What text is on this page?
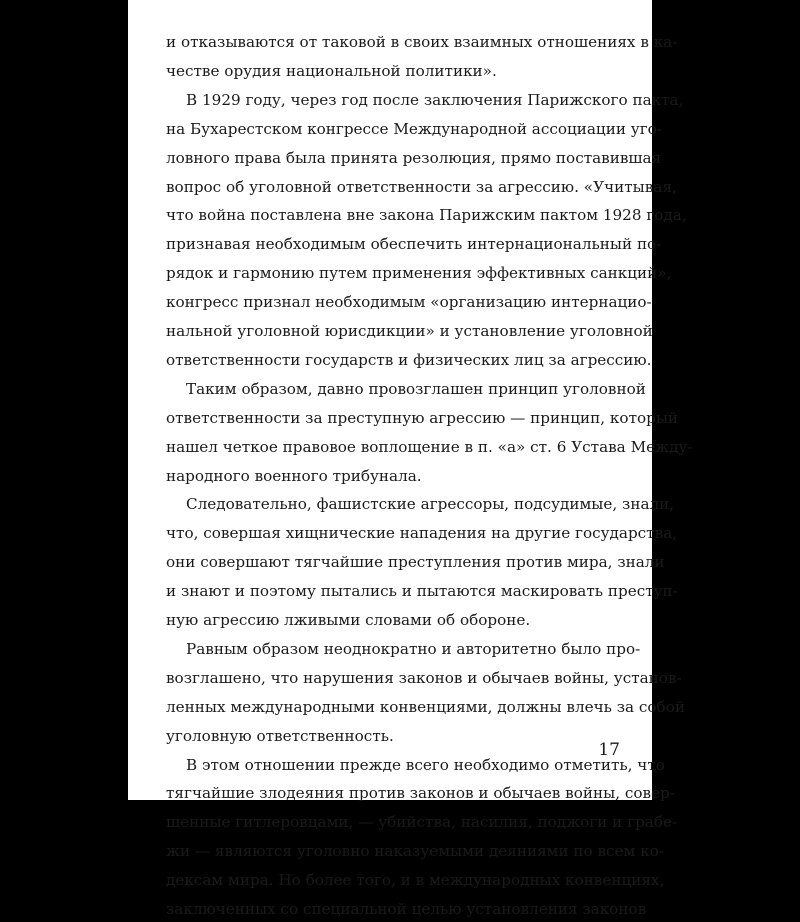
и отказываются от таковой в своих взаимных отношениях в ка-
честве орудия национальной политики».
В 1929 году, через год после заключения Парижского пакта,
на Бухарестском конгрессе Международной ассоциации уго-
ловного права была принята резолюция, прямо поставившая
вопрос об уголовной ответственности за агрессию. «Учитывая,
что война поставлена вне закона Парижским пактом 1928 года,
признавая необходимым обеспечить интернациональный по-
рядок и гармонию путем применения эффективных санкций»,
конгресс признал необходимым «организацию интернацио-
нальной уголовной юрисдикции» и установление уголовной
ответственности государств и физических лиц за агрессию.
Таким образом, давно провозглашен принцип уголовной
ответственности за преступную агрессию — принцип, который
нашел четкое правовое воплощение в п. «а» ст. 6 Устава Между-
народного военного трибунала.
Следовательно, фашистские агрессоры, подсудимые, знали,
что, совершая хищнические нападения на другие государства,
они совершают тягчайшие преступления против мира, знали
и знают и поэтому пытались и пытаются маскировать преступ-
ную агрессию лживыми словами об обороне.
Равным образом неоднократно и авторитетно было про-
возглашено, что нарушения законов и обычаев войны, установ-
ленных международными конвенциями, должны влечь за собой
уголовную ответственность.
В этом отношении прежде всего необходимо отметить, что
тягчайшие злодеяния против законов и обычаев войны, совер-
шенные гитлеровцами, — убийства, насилия, поджоги и грабе-
жи — являются уголовно наказуемыми деяниями по всем ко-
дексам мира. Но более того, и в международных конвенциях,
заключенных со специальной целью установления законов
17
